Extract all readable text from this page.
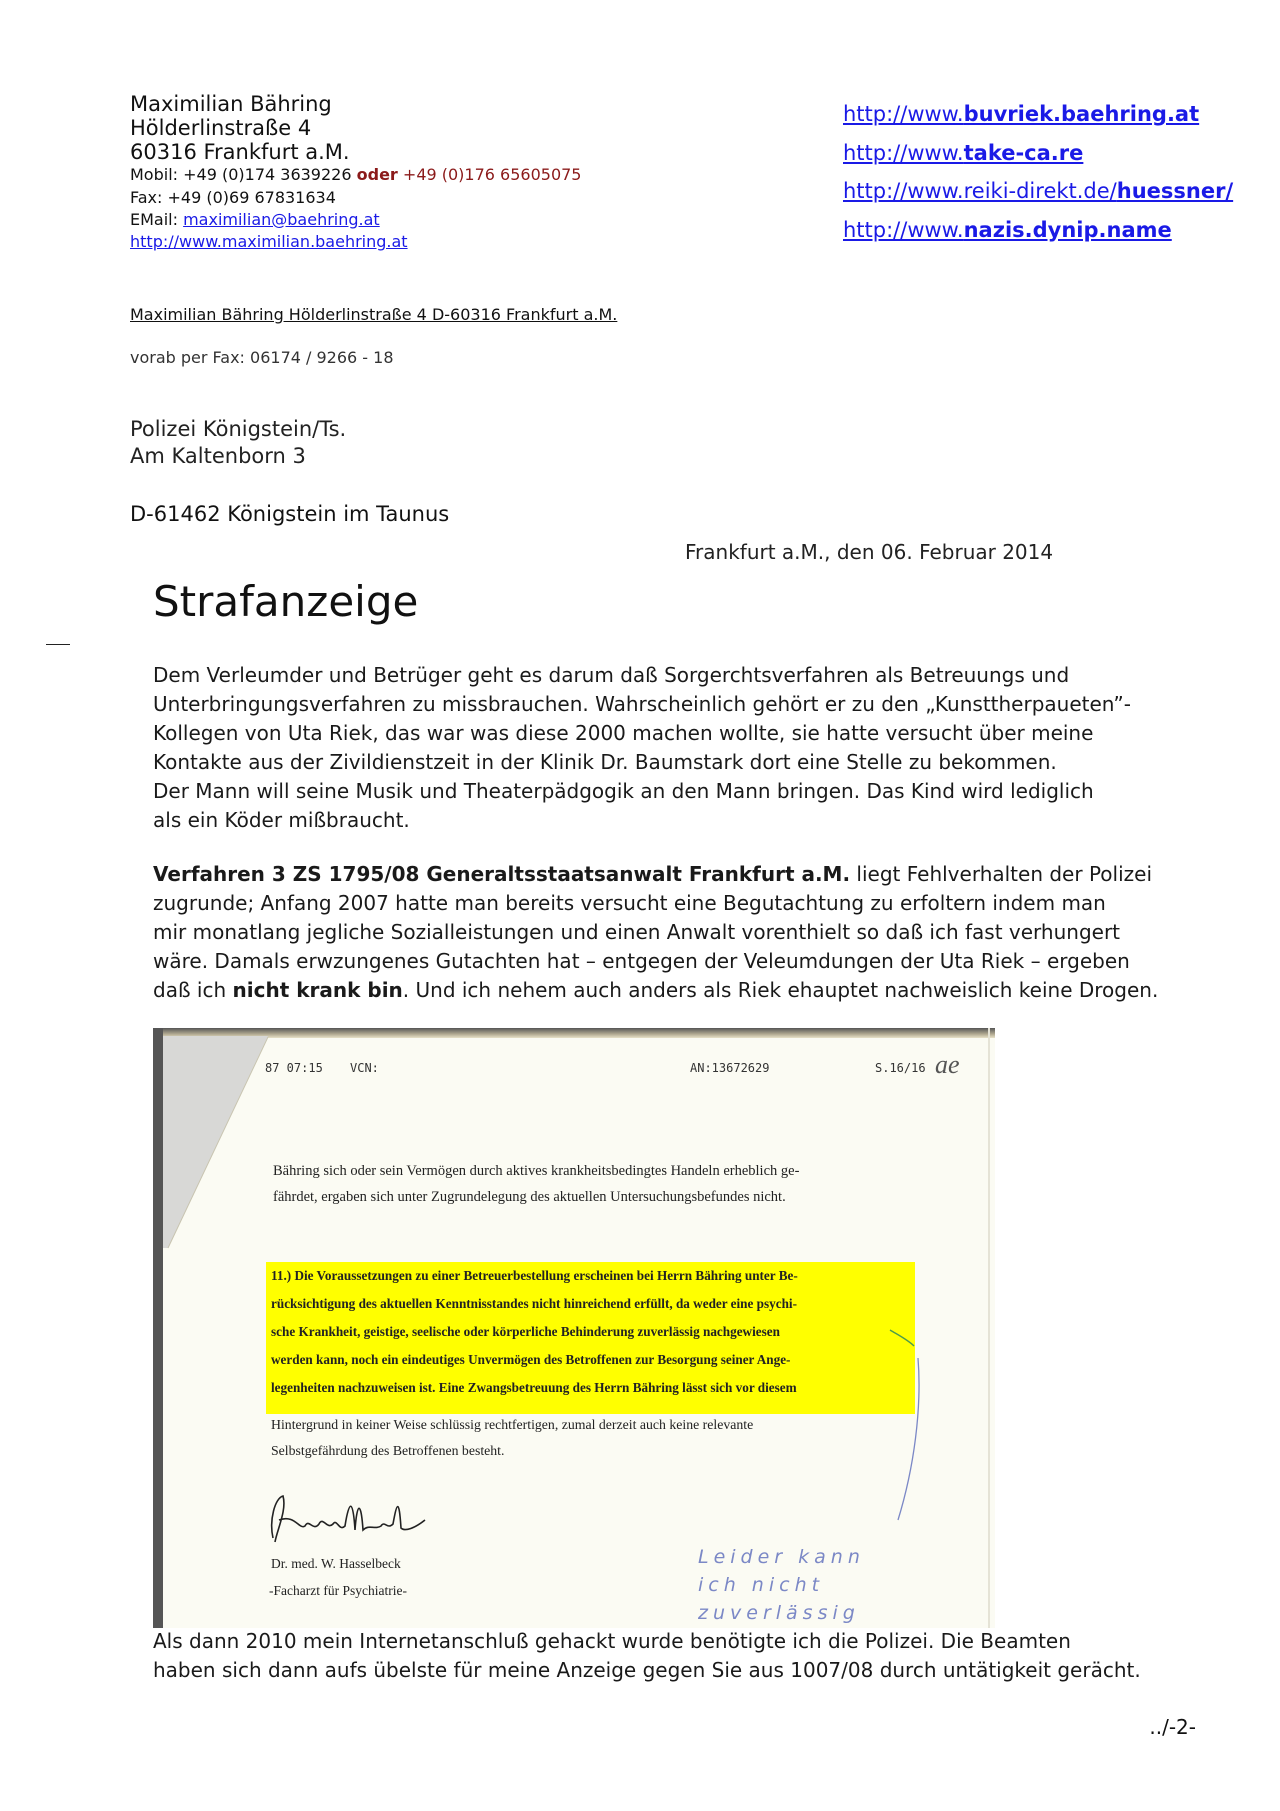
Maximilian Bähring
Hölderlinstraße 4
60316 Frankfurt a.M.
Mobil: +49 (0)174 3639226 oder +49 (0)176 65605075
Fax: +49 (0)69 67831634
EMail: maximilian@baehring.at
http://www.maximilian.baehring.at
http://www.buvriek.baehring.at
http://www.take-ca.re
http://www.reiki-direkt.de/huessner/
http://www.nazis.dynip.name
Maximilian Bähring Hölderlinstraße 4 D-60316 Frankfurt a.M.
vorab per Fax: 06174 / 9266 - 18
Polizei Königstein/Ts.
Am Kaltenborn 3
D-61462 Königstein im Taunus
Frankfurt a.M., den 06. Februar 2014
Strafanzeige
Dem Verleumder und Betrüger geht es darum daß Sorgerchtsverfahren als Betreuungs und
Unterbringungsverfahren zu missbrauchen. Wahrscheinlich gehört er zu den „Kunsttherpaueten”-
Kollegen von Uta Riek, das war was diese 2000 machen wollte, sie hatte versucht über meine
Kontakte aus der Zivildienstzeit in der Klinik Dr. Baumstark dort eine Stelle zu bekommen.
Der Mann will seine Musik und Theaterpädgogik an den Mann bringen. Das Kind wird lediglich
als ein Köder mißbraucht.
Verfahren 3 ZS 1795/08 Generaltsstaatsanwalt Frankfurt a.M. liegt Fehlverhalten der Polizei
zugrunde; Anfang 2007 hatte man bereits versucht eine Begutachtung zu erfoltern indem man
mir monatlang jegliche Sozialleistungen und einen Anwalt vorenthielt so daß ich fast verhungert
wäre. Damals erwzungenes Gutachten hat – entgegen der Veleumdungen der Uta Riek – ergeben
daß ich nicht krank bin. Und ich nehem auch anders als Riek ehauptet nachweislich keine Drogen.
87 07:15 VCN:	AN:13672629	S.16/16 ae
Bähring sich oder sein Vermögen durch aktives krankheitsbedingtes Handeln erheblich ge-
fährdet, ergaben sich unter Zugrundelegung des aktuellen Untersuchungsbefundes nicht.
11.) Die Voraussetzungen zu einer Betreuerbestellung erscheinen bei Herrn Bähring unter Be-
rücksichtigung des aktuellen Kenntnisstandes nicht hinreichend erfüllt, da weder eine psychi-
sche Krankheit, geistige, seelische oder körperliche Behinderung zuverlässig nachgewiesen
werden kann, noch ein eindeutiges Unvermögen des Betroffenen zur Besorgung seiner Ange-
legenheiten nachzuweisen ist. Eine Zwangsbetreuung des Herrn Bähring lässt sich vor diesem
Hintergrund in keiner Weise schlüssig rechtfertigen, zumal derzeit auch keine relevante
Selbstgefährdung des Betroffenen besteht.
Dr. med. W. Hasselbeck
-Facharzt für Psychiatrie-
Leider kann
ich nicht
zuverlässig
Als dann 2010 mein Internetanschluß gehackt wurde benötigte ich die Polizei. Die Beamten
haben sich dann aufs übelste für meine Anzeige gegen Sie aus 1007/08 durch untätigkeit gerächt.
../-2-
